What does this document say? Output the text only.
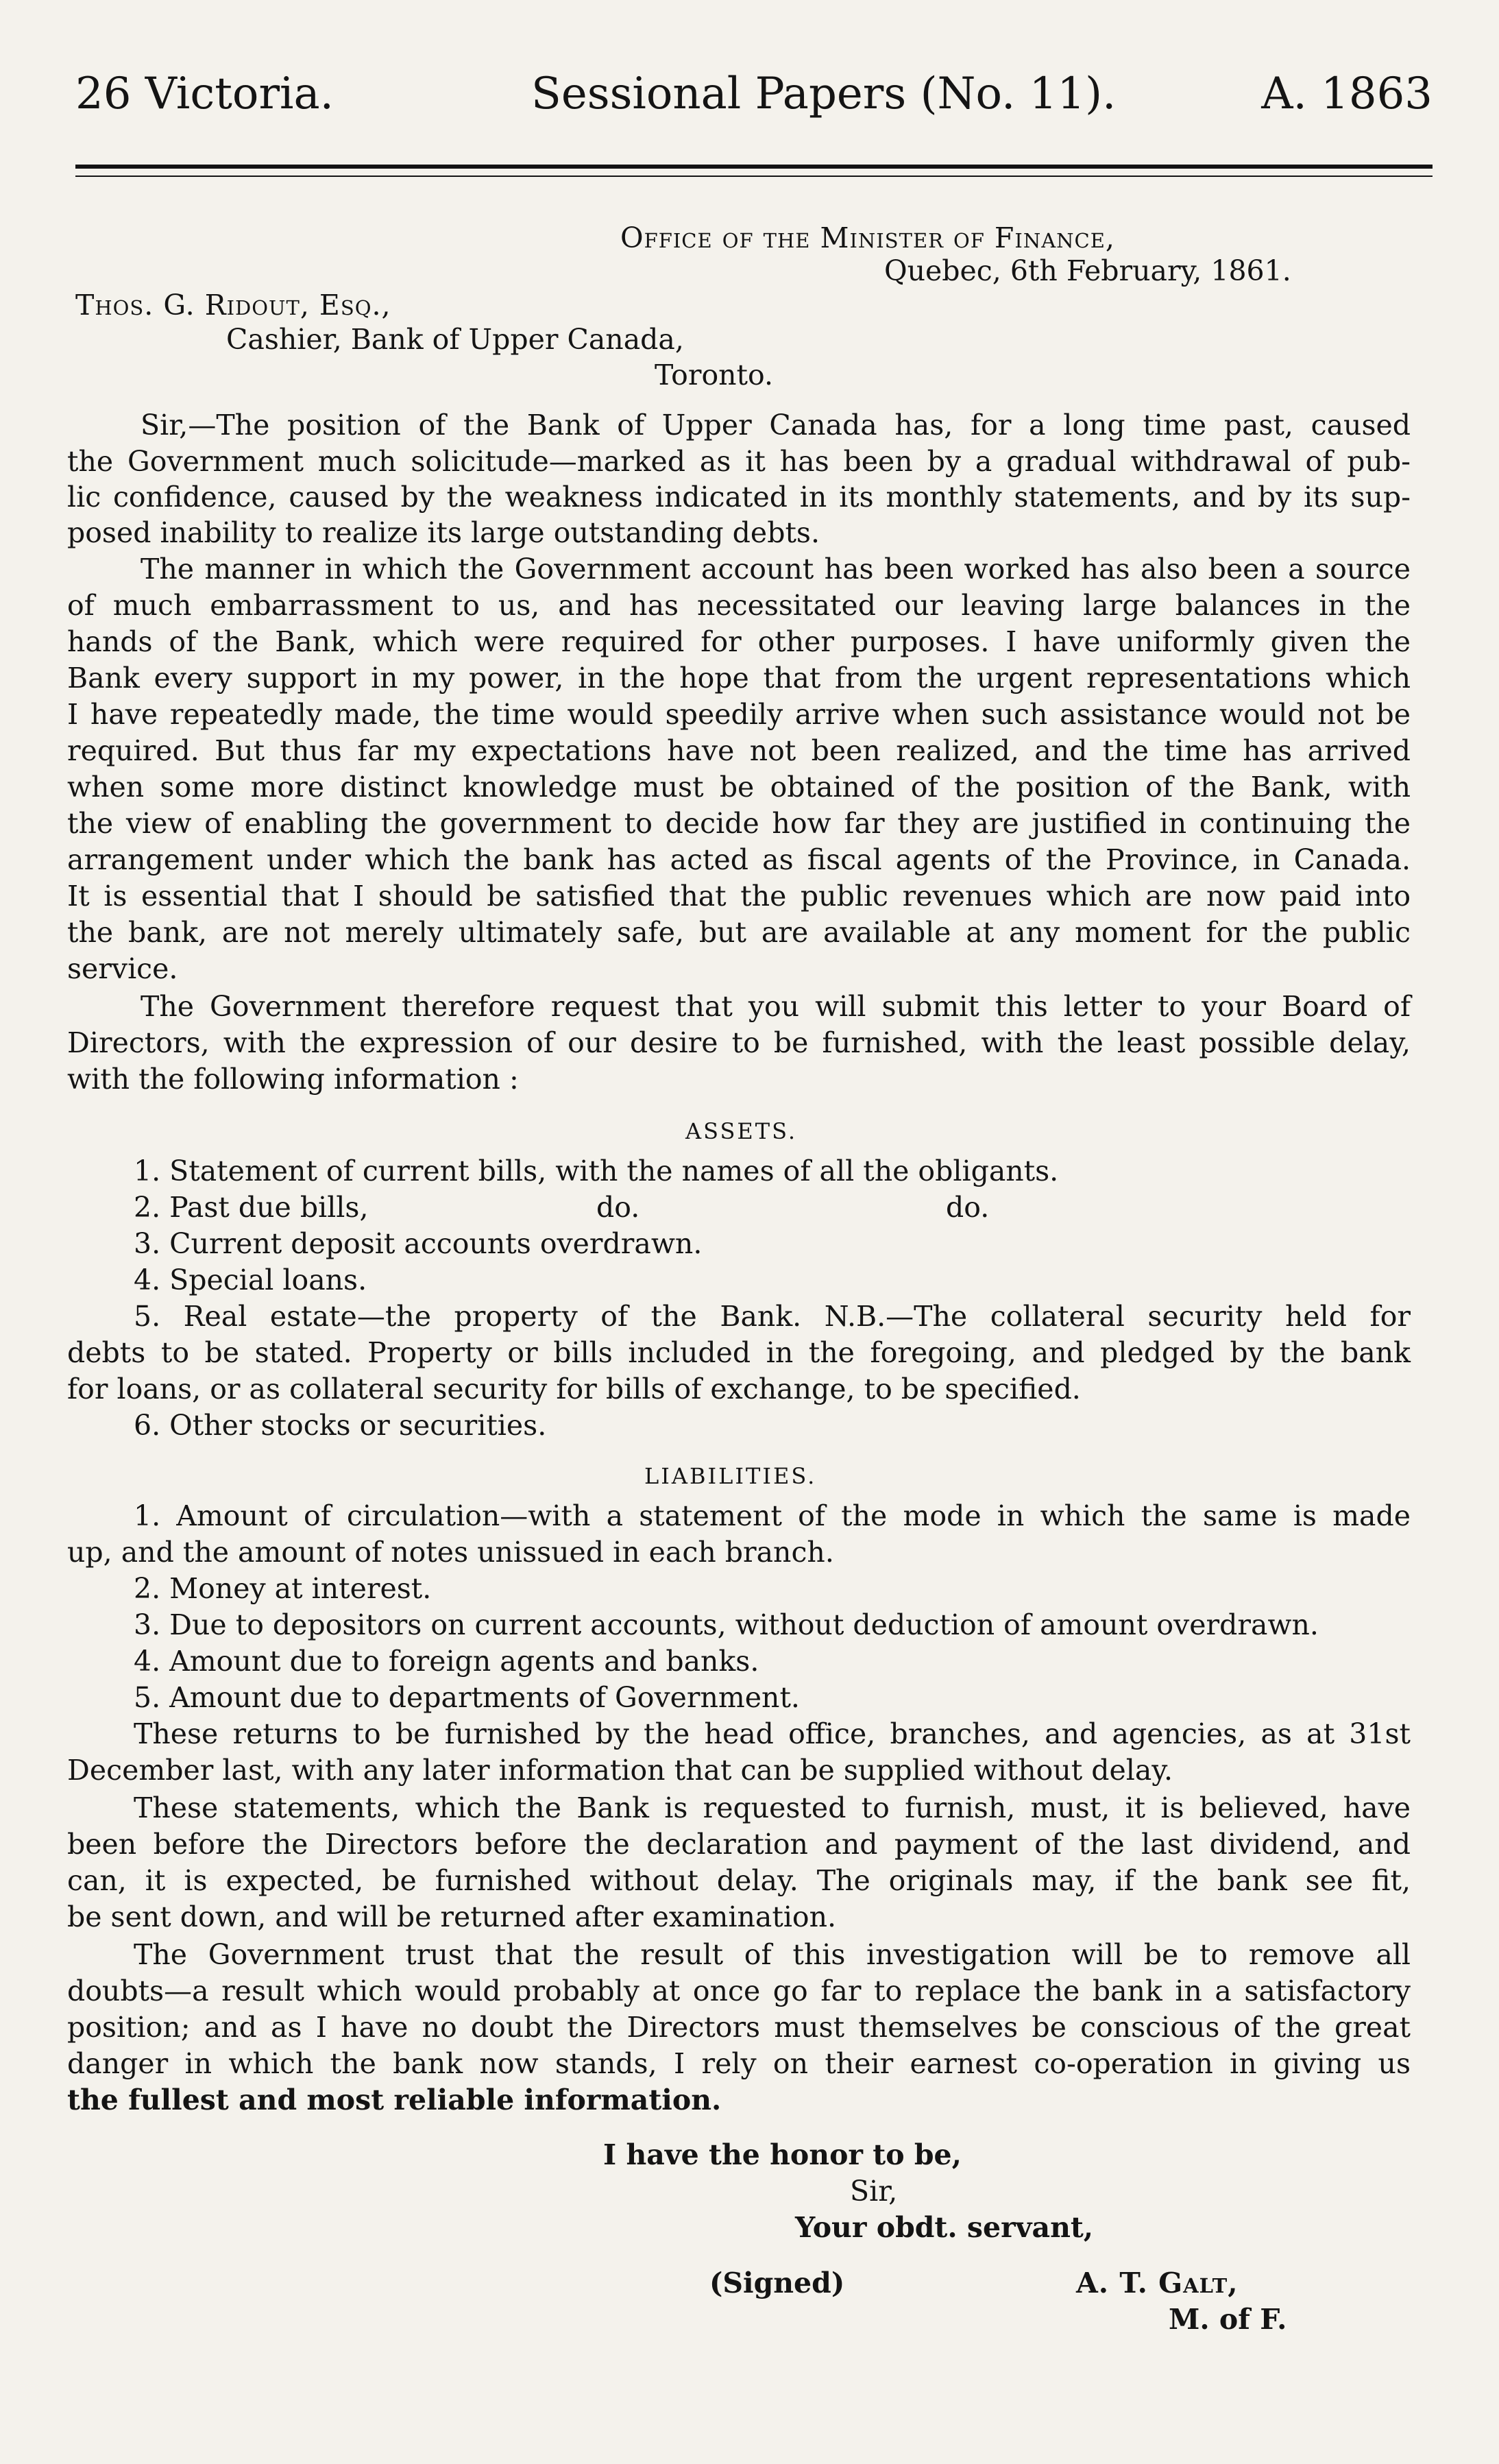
26 Victoria.	Sessional Papers (No. 11).	A. 1863
Office of the Minister of Finance,
Quebec, 6th February, 1861.
Thos. G. Ridout, Esq.,
Cashier, Bank of Upper Canada,
Toronto.
Sir,—The position of the Bank of Upper Canada has, for a long time past, caused
the Government much solicitude—marked as it has been by a gradual withdrawal of pub-
lic confidence, caused by the weakness indicated in its monthly statements, and by its sup-
posed inability to realize its large outstanding debts.
The manner in which the Government account has been worked has also been a source
of much embarrassment to us, and has necessitated our leaving large balances in the
hands of the Bank, which were required for other purposes. I have uniformly given the
Bank every support in my power, in the hope that from the urgent representations which
I have repeatedly made, the time would speedily arrive when such assistance would not be
required. But thus far my expectations have not been realized, and the time has arrived
when some more distinct knowledge must be obtained of the position of the Bank, with
the view of enabling the government to decide how far they are justified in continuing the
arrangement under which the bank has acted as fiscal agents of the Province, in Canada.
It is essential that I should be satisfied that the public revenues which are now paid into
the bank, are not merely ultimately safe, but are available at any moment for the public
service.
The Government therefore request that you will submit this letter to your Board of
Directors, with the expression of our desire to be furnished, with the least possible delay,
with the following information :
ASSETS.
1. Statement of current bills, with the names of all the obligants.
2. Past due bills,	do.	do.
3. Current deposit accounts overdrawn.
4. Special loans.
5. Real estate—the property of the Bank. N.B.—The collateral security held for
debts to be stated. Property or bills included in the foregoing, and pledged by the bank
for loans, or as collateral security for bills of exchange, to be specified.
6. Other stocks or securities.
LIABILITIES.
1. Amount of circulation—with a statement of the mode in which the same is made
up, and the amount of notes unissued in each branch.
2. Money at interest.
3. Due to depositors on current accounts, without deduction of amount overdrawn.
4. Amount due to foreign agents and banks.
5. Amount due to departments of Government.
These returns to be furnished by the head office, branches, and agencies, as at 31st
December last, with any later information that can be supplied without delay.
These statements, which the Bank is requested to furnish, must, it is believed, have
been before the Directors before the declaration and payment of the last dividend, and
can, it is expected, be furnished without delay. The originals may, if the bank see fit,
be sent down, and will be returned after examination.
The Government trust that the result of this investigation will be to remove all
doubts—a result which would probably at once go far to replace the bank in a satisfactory
position; and as I have no doubt the Directors must themselves be conscious of the great
danger in which the bank now stands, I rely on their earnest co-operation in giving us
the fullest and most reliable information.
I have the honor to be,
Sir,
Your obdt. servant,
(Signed)	A. T. Galt,
M. of F.
